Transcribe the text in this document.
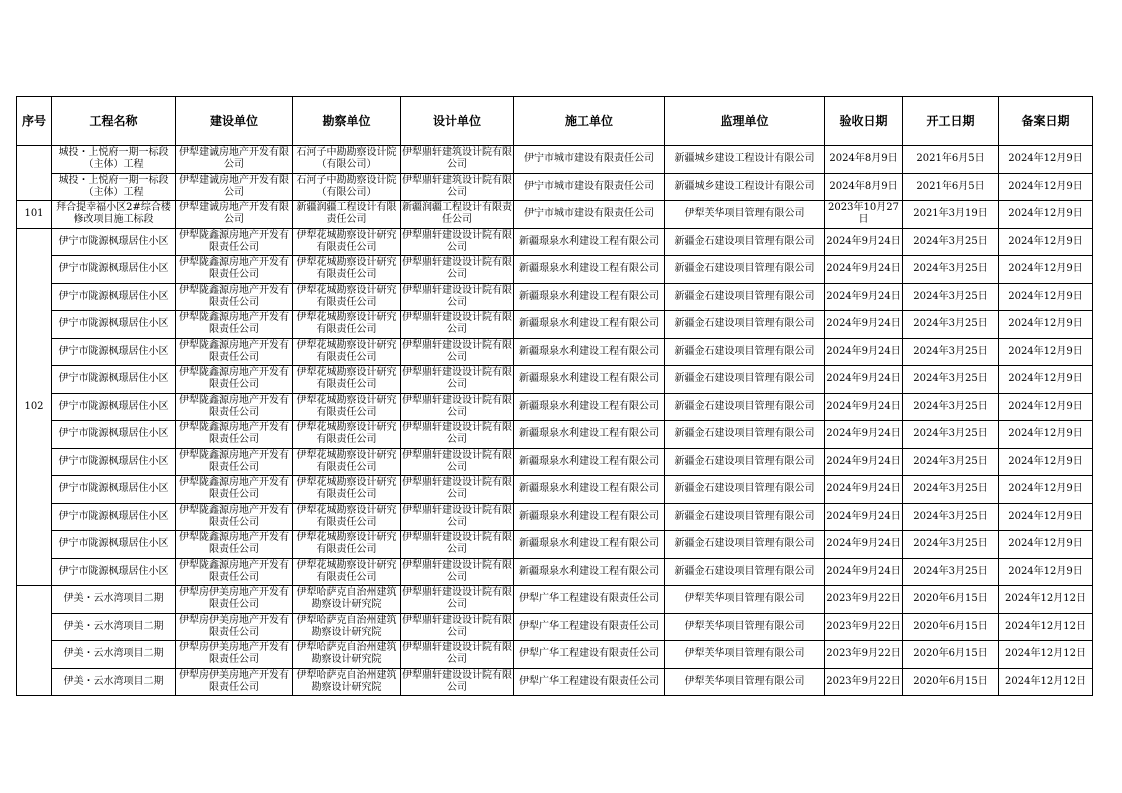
序号	工程名称	建设单位	勘察单位	设计单位	施工单位	监理单位	验收日期	开工日期	备案日期
	城投・上悦府一期一标段（主体）工程	伊犁建诚房地产开发有限公司	石河子中勘勘察设计院（有限公司）	伊犁鼎轩建筑设计院有限公司	伊宁市城市建设有限责任公司	新疆城乡建设工程设计有限公司	2024年8月9日	2021年6月5日	2024年12月9日
	城投・上悦府一期一标段（主体）工程	伊犁建诚房地产开发有限公司	石河子中勘勘察设计院（有限公司）	伊犁鼎轩建筑设计院有限公司	伊宁市城市建设有限责任公司	新疆城乡建设工程设计有限公司	2024年8月9日	2021年6月5日	2024年12月9日
101	拜合提幸福小区2#综合楼修改项目施工标段	伊犁建诚房地产开发有限公司	新疆润疆工程设计有限责任公司	新疆润疆工程设计有限责任公司	伊宁市城市建设有限责任公司	伊犁芙华项目管理有限公司	2023年10月27日	2021年3月19日	2024年12月9日
102	伊宁市陇源枫璟居住小区	伊犁陇鑫源房地产开发有限责任公司	伊犁花城勘察设计研究有限责任公司	伊犁鼎轩建设设计院有限公司	新疆璟泉水利建设工程有限公司	新疆金石建设项目管理有限公司	2024年9月24日	2024年3月25日	2024年12月9日
	伊宁市陇源枫璟居住小区	伊犁陇鑫源房地产开发有限责任公司	伊犁花城勘察设计研究有限责任公司	伊犁鼎轩建设设计院有限公司	新疆璟泉水利建设工程有限公司	新疆金石建设项目管理有限公司	2024年9月24日	2024年3月25日	2024年12月9日
	伊宁市陇源枫璟居住小区	伊犁陇鑫源房地产开发有限责任公司	伊犁花城勘察设计研究有限责任公司	伊犁鼎轩建设设计院有限公司	新疆璟泉水利建设工程有限公司	新疆金石建设项目管理有限公司	2024年9月24日	2024年3月25日	2024年12月9日
	伊宁市陇源枫璟居住小区	伊犁陇鑫源房地产开发有限责任公司	伊犁花城勘察设计研究有限责任公司	伊犁鼎轩建设设计院有限公司	新疆璟泉水利建设工程有限公司	新疆金石建设项目管理有限公司	2024年9月24日	2024年3月25日	2024年12月9日
	伊宁市陇源枫璟居住小区	伊犁陇鑫源房地产开发有限责任公司	伊犁花城勘察设计研究有限责任公司	伊犁鼎轩建设设计院有限公司	新疆璟泉水利建设工程有限公司	新疆金石建设项目管理有限公司	2024年9月24日	2024年3月25日	2024年12月9日
	伊宁市陇源枫璟居住小区	伊犁陇鑫源房地产开发有限责任公司	伊犁花城勘察设计研究有限责任公司	伊犁鼎轩建设设计院有限公司	新疆璟泉水利建设工程有限公司	新疆金石建设项目管理有限公司	2024年9月24日	2024年3月25日	2024年12月9日
	伊宁市陇源枫璟居住小区	伊犁陇鑫源房地产开发有限责任公司	伊犁花城勘察设计研究有限责任公司	伊犁鼎轩建设设计院有限公司	新疆璟泉水利建设工程有限公司	新疆金石建设项目管理有限公司	2024年9月24日	2024年3月25日	2024年12月9日
	伊宁市陇源枫璟居住小区	伊犁陇鑫源房地产开发有限责任公司	伊犁花城勘察设计研究有限责任公司	伊犁鼎轩建设设计院有限公司	新疆璟泉水利建设工程有限公司	新疆金石建设项目管理有限公司	2024年9月24日	2024年3月25日	2024年12月9日
	伊宁市陇源枫璟居住小区	伊犁陇鑫源房地产开发有限责任公司	伊犁花城勘察设计研究有限责任公司	伊犁鼎轩建设设计院有限公司	新疆璟泉水利建设工程有限公司	新疆金石建设项目管理有限公司	2024年9月24日	2024年3月25日	2024年12月9日
	伊宁市陇源枫璟居住小区	伊犁陇鑫源房地产开发有限责任公司	伊犁花城勘察设计研究有限责任公司	伊犁鼎轩建设设计院有限公司	新疆璟泉水利建设工程有限公司	新疆金石建设项目管理有限公司	2024年9月24日	2024年3月25日	2024年12月9日
	伊宁市陇源枫璟居住小区	伊犁陇鑫源房地产开发有限责任公司	伊犁花城勘察设计研究有限责任公司	伊犁鼎轩建设设计院有限公司	新疆璟泉水利建设工程有限公司	新疆金石建设项目管理有限公司	2024年9月24日	2024年3月25日	2024年12月9日
	伊宁市陇源枫璟居住小区	伊犁陇鑫源房地产开发有限责任公司	伊犁花城勘察设计研究有限责任公司	伊犁鼎轩建设设计院有限公司	新疆璟泉水利建设工程有限公司	新疆金石建设项目管理有限公司	2024年9月24日	2024年3月25日	2024年12月9日
	伊宁市陇源枫璟居住小区	伊犁陇鑫源房地产开发有限责任公司	伊犁花城勘察设计研究有限责任公司	伊犁鼎轩建设设计院有限公司	新疆璟泉水利建设工程有限公司	新疆金石建设项目管理有限公司	2024年9月24日	2024年3月25日	2024年12月9日
	伊美・云水湾项目二期	伊犁房伊美房地产开发有限责任公司	伊犁哈萨克自治州建筑勘察设计研究院	伊犁鼎轩建设设计院有限公司	伊犁广华工程建设有限责任公司	伊犁芙华项目管理有限公司	2023年9月22日	2020年6月15日	2024年12月12日
	伊美・云水湾项目二期	伊犁房伊美房地产开发有限责任公司	伊犁哈萨克自治州建筑勘察设计研究院	伊犁鼎轩建设设计院有限公司	伊犁广华工程建设有限责任公司	伊犁芙华项目管理有限公司	2023年9月22日	2020年6月15日	2024年12月12日
	伊美・云水湾项目二期	伊犁房伊美房地产开发有限责任公司	伊犁哈萨克自治州建筑勘察设计研究院	伊犁鼎轩建设设计院有限公司	伊犁广华工程建设有限责任公司	伊犁芙华项目管理有限公司	2023年9月22日	2020年6月15日	2024年12月12日
	伊美・云水湾项目二期	伊犁房伊美房地产开发有限责任公司	伊犁哈萨克自治州建筑勘察设计研究院	伊犁鼎轩建设设计院有限公司	伊犁广华工程建设有限责任公司	伊犁芙华项目管理有限公司	2023年9月22日	2020年6月15日	2024年12月12日
